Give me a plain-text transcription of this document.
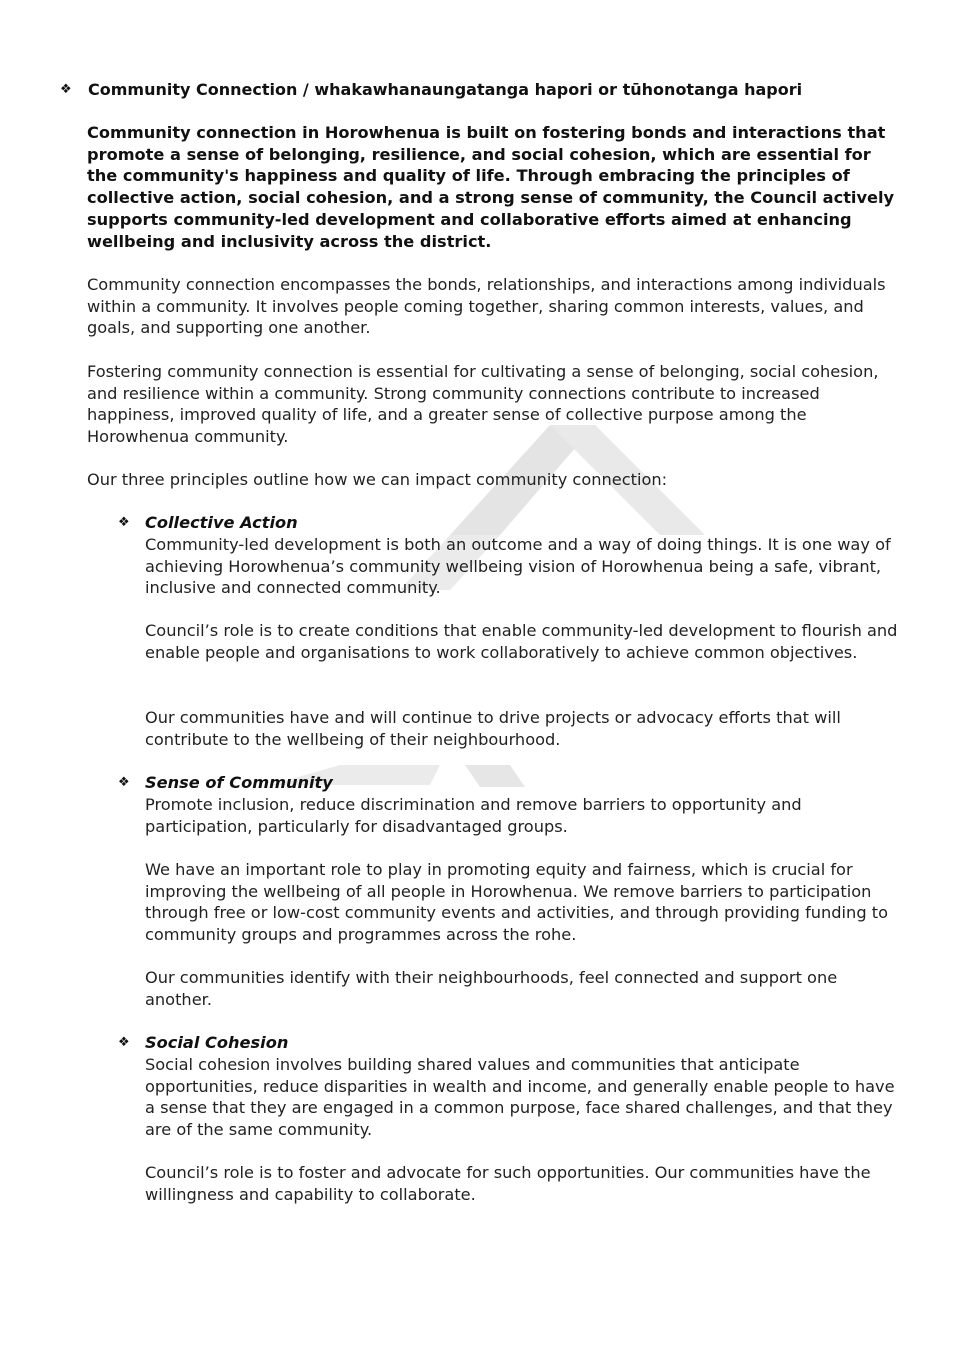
❖ Community Connection / whakawhanaungatanga hapori or tūhonotanga hapori

Community connection in Horowhenua is built on fostering bonds and interactions that promote a sense of belonging, resilience, and social cohesion, which are essential for the community's happiness and quality of life. Through embracing the principles of collective action, social cohesion, and a strong sense of community, the Council actively supports community-led development and collaborative efforts aimed at enhancing wellbeing and inclusivity across the district.

Community connection encompasses the bonds, relationships, and interactions among individuals within a community. It involves people coming together, sharing common interests, values, and goals, and supporting one another.

Fostering community connection is essential for cultivating a sense of belonging, social cohesion, and resilience within a community. Strong community connections contribute to increased happiness, improved quality of life, and a greater sense of collective purpose among the Horowhenua community.

Our three principles outline how we can impact community connection:

❖ Collective Action

Community-led development is both an outcome and a way of doing things. It is one way of achieving Horowhenua’s community wellbeing vision of Horowhenua being a safe, vibrant, inclusive and connected community.

Council’s role is to create conditions that enable community-led development to flourish and enable people and organisations to work collaboratively to achieve common objectives.

Our communities have and will continue to drive projects or advocacy efforts that will contribute to the wellbeing of their neighbourhood.

❖ Sense of Community

Promote inclusion, reduce discrimination and remove barriers to opportunity and participation, particularly for disadvantaged groups.

We have an important role to play in promoting equity and fairness, which is crucial for improving the wellbeing of all people in Horowhenua. We remove barriers to participation through free or low-cost community events and activities, and through providing funding to community groups and programmes across the rohe.

Our communities identify with their neighbourhoods, feel connected and support one another.

❖ Social Cohesion

Social cohesion involves building shared values and communities that anticipate opportunities, reduce disparities in wealth and income, and generally enable people to have a sense that they are engaged in a common purpose, face shared challenges, and that they are of the same community.

Council’s role is to foster and advocate for such opportunities. Our communities have the willingness and capability to collaborate.
